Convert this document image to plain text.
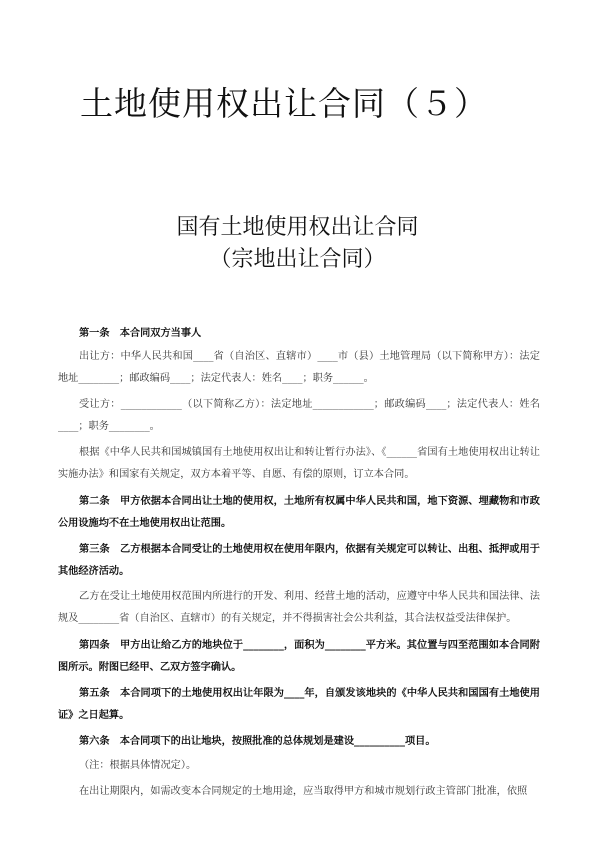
土地使用权出让合同（５）
国有土地使用权出让合同
（宗地出让合同）

第一条　本合同双方当事人

出让方：中华人民共和国____省（自治区、直辖市）____市（县）土地管理局（以下简称甲方）：法定地址________；邮政编码____；法定代表人：姓名____；职务______。

受让方：____________（以下简称乙方）：法定地址____________；邮政编码____；法定代表人：姓名____；职务________。

根据《中华人民共和国城镇国有土地使用权出让和转让暂行办法》、《______省国有土地使用权出让转让实施办法》和国家有关规定，双方本着平等、自愿、有偿的原则，订立本合同。

第二条　甲方依据本合同出让土地的使用权，土地所有权属中华人民共和国，地下资源、埋藏物和市政公用设施均不在土地使用权出让范围。

第三条　乙方根据本合同受让的土地使用权在使用年限内，依据有关规定可以转让、出租、抵押或用于其他经济活动。

乙方在受让土地使用权范围内所进行的开发、利用、经营土地的活动，应遵守中华人民共和国法律、法规及________省（自治区、直辖市）的有关规定，并不得损害社会公共利益，其合法权益受法律保护。

第四条　甲方出让给乙方的地块位于________，面积为________平方米。其位置与四至范围如本合同附图所示。附图已经甲、乙双方签字确认。

第五条　本合同项下的土地使用权出让年限为____年，自颁发该地块的《中华人民共和国国有土地使用证》之日起算。

第六条　本合同项下的出让地块，按照批准的总体规划是建设__________项目。

（注：根据具体情况定）。

在出让期限内，如需改变本合同规定的土地用途，应当取得甲方和城市规划行政主管部门批准，依照
